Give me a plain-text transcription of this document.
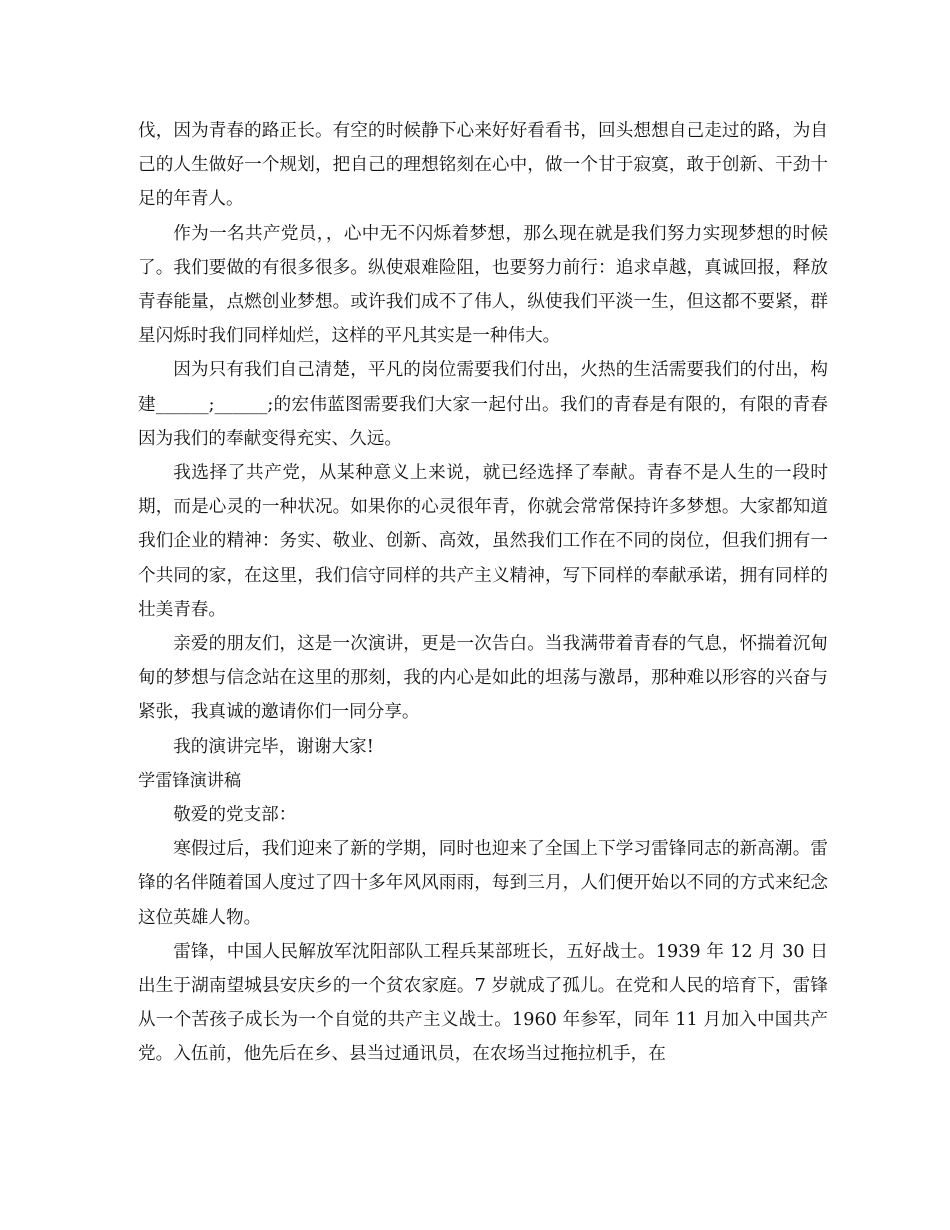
伐，因为青春的路正长。有空的时候静下心来好好看看书，回头想想自己走过的路，为自己的人生做好一个规划，把自己的理想铭刻在心中，做一个甘于寂寞，敢于创新、干劲十足的年青人。

作为一名共产党员，，心中无不闪烁着梦想，那么现在就是我们努力实现梦想的时候了。我们要做的有很多很多。纵使艰难险阻，也要努力前行：追求卓越，真诚回报，释放青春能量，点燃创业梦想。或许我们成不了伟人，纵使我们平淡一生，但这都不要紧，群星闪烁时我们同样灿烂，这样的平凡其实是一种伟大。

因为只有我们自己清楚，平凡的岗位需要我们付出，火热的生活需要我们的付出，构建______;______;的宏伟蓝图需要我们大家一起付出。我们的青春是有限的，有限的青春因为我们的奉献变得充实、久远。

我选择了共产党，从某种意义上来说，就已经选择了奉献。青春不是人生的一段时期，而是心灵的一种状况。如果你的心灵很年青，你就会常常保持许多梦想。大家都知道我们企业的精神：务实、敬业、创新、高效，虽然我们工作在不同的岗位，但我们拥有一个共同的家，在这里，我们信守同样的共产主义精神，写下同样的奉献承诺，拥有同样的壮美青春。

亲爱的朋友们，这是一次演讲，更是一次告白。当我满带着青春的气息，怀揣着沉甸甸的梦想与信念站在这里的那刻，我的内心是如此的坦荡与激昂，那种难以形容的兴奋与紧张，我真诚的邀请你们一同分享。

我的演讲完毕，谢谢大家!

学雷锋演讲稿

敬爱的党支部：

寒假过后，我们迎来了新的学期，同时也迎来了全国上下学习雷锋同志的新高潮。雷锋的名伴随着国人度过了四十多年风风雨雨，每到三月，人们便开始以不同的方式来纪念这位英雄人物。

雷锋，中国人民解放军沈阳部队工程兵某部班长，五好战士。1939 年 12 月 30 日出生于湖南望城县安庆乡的一个贫农家庭。7 岁就成了孤儿。在党和人民的培育下，雷锋从一个苦孩子成长为一个自觉的共产主义战士。1960 年参军，同年 11 月加入中国共产党。入伍前，他先后在乡、县当过通讯员，在农场当过拖拉机手，在
